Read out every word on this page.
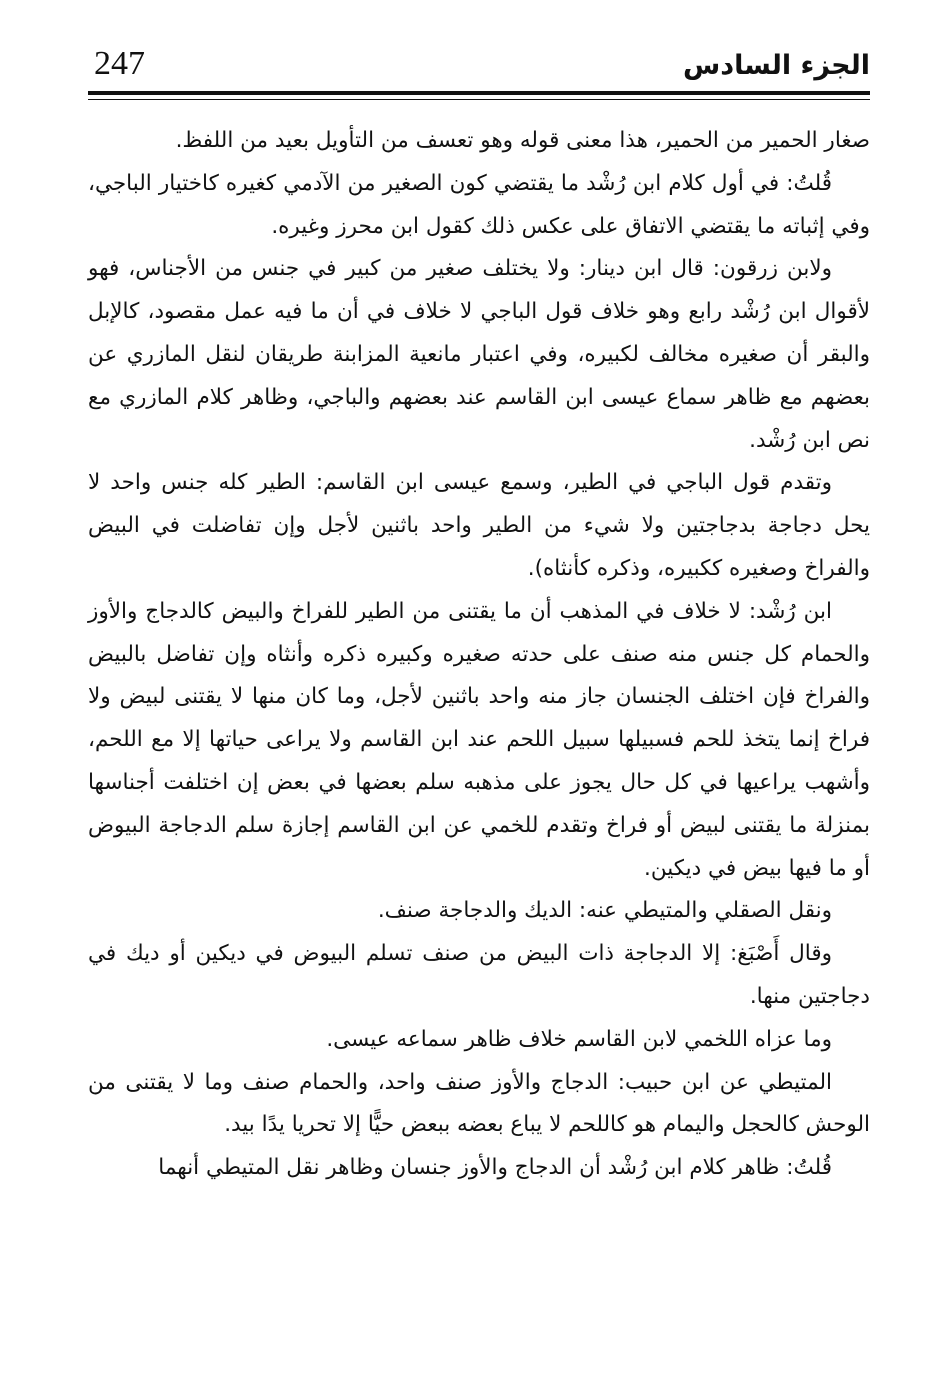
247	الجزء السادس

صغار الحمير من الحمير، هذا معنى قوله وهو تعسف من التأويل بعيد من اللفظ.

قُلتُ: في أول كلام ابن رُشْد ما يقتضي كون الصغير من الآدمي كغيره كاختيار الباجي، وفي إثباته ما يقتضي الاتفاق على عكس ذلك كقول ابن محرز وغيره.

ولابن زرقون: قال ابن دينار: ولا يختلف صغير من كبير في جنس من الأجناس، فهو لأقوال ابن رُشْد رابع وهو خلاف قول الباجي لا خلاف في أن ما فيه عمل مقصود، كالإبل والبقر أن صغيره مخالف لكبيره، وفي اعتبار مانعية المزابنة طريقان لنقل المازري عن بعضهم مع ظاهر سماع عيسى ابن القاسم عند بعضهم والباجي، وظاهر كلام المازري مع نص ابن رُشْد.

وتقدم قول الباجي في الطير، وسمع عيسى ابن القاسم: الطير كله جنس واحد لا يحل دجاجة بدجاجتين ولا شيء من الطير واحد باثنين لأجل وإن تفاضلت في البيض والفراخ وصغيره ككبيره، وذكره كأنثاه).

ابن رُشْد: لا خلاف في المذهب أن ما يقتنى من الطير للفراخ والبيض كالدجاج والأوز والحمام كل جنس منه صنف على حدته صغيره وكبيره ذكره وأنثاه وإن تفاضل بالبيض والفراخ فإن اختلف الجنسان جاز منه واحد باثنين لأجل، وما كان منها لا يقتنى لبيض ولا فراخ إنما يتخذ للحم فسبيلها سبيل اللحم عند ابن القاسم ولا يراعى حياتها إلا مع اللحم، وأشهب يراعيها في كل حال يجوز على مذهبه سلم بعضها في بعض إن اختلفت أجناسها بمنزلة ما يقتنى لبيض أو فراخ وتقدم للخمي عن ابن القاسم إجازة سلم الدجاجة البيوض أو ما فيها بيض في ديكين.

ونقل الصقلي والمتيطي عنه: الديك والدجاجة صنف.

وقال أَصْبَغ: إلا الدجاجة ذات البيض من صنف تسلم البيوض في ديكين أو ديك في دجاجتين منها.

وما عزاه اللخمي لابن القاسم خلاف ظاهر سماعه عيسى.

المتيطي عن ابن حبيب: الدجاج والأوز صنف واحد، والحمام صنف وما لا يقتنى من الوحش كالحجل واليمام هو كاللحم لا يباع بعضه ببعض حيًّا إلا تحريا يدًا بيد.

قُلتُ: ظاهر كلام ابن رُشْد أن الدجاج والأوز جنسان وظاهر نقل المتيطي أنهما
